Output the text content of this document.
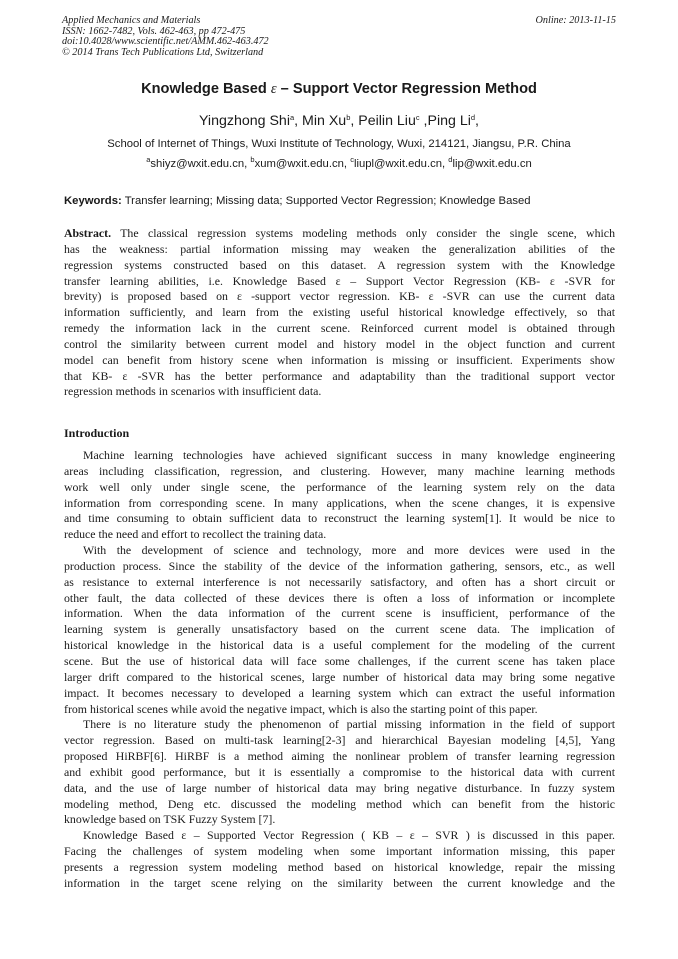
Applied Mechanics and Materials
ISSN: 1662-7482, Vols. 462-463, pp 472-475
doi:10.4028/www.scientific.net/AMM.462-463.472
© 2014 Trans Tech Publications Ltd, Switzerland
Online: 2013-11-15
Knowledge Based ε – Support Vector Regression Method
Yingzhong Shi$^a$, Min Xu$^b$, Peilin Liu$^c$ ,Ping Li$^d$,
School of Internet of Things, Wuxi Institute of Technology, Wuxi, 214121, Jiangsu, P.R. China
$^a$shiyz@wxit.edu.cn, $^b$xum@wxit.edu.cn, $^c$liupl@wxit.edu.cn, $^d$lip@wxit.edu.cn
Keywords: Transfer learning; Missing data; Supported Vector Regression; Knowledge Based
Abstract. The classical regression systems modeling methods only consider the single scene, which
has the weakness: partial information missing may weaken the generalization abilities of the
regression systems constructed based on this dataset. A regression system with the Knowledge
transfer learning abilities, i.e. Knowledge Based ε – Support Vector Regression (KB- ε -SVR for
brevity) is proposed based on ε -support vector regression. KB- ε -SVR can use the current data
information sufficiently, and learn from the existing useful historical knowledge effectively, so that
remedy the information lack in the current scene. Reinforced current model is obtained through
control the similarity between current model and history model in the object function and current
model can benefit from history scene when information is missing or insufficient. Experiments show
that KB- ε -SVR has the better performance and adaptability than the traditional support vector
regression methods in scenarios with insufficient data.
Introduction
Machine learning technologies have achieved significant success in many knowledge engineering
areas including classification, regression, and clustering. However, many machine learning methods
work well only under single scene, the performance of the learning system rely on the data
information from corresponding scene. In many applications, when the scene changes, it is expensive
and time consuming to obtain sufficient data to reconstruct the learning system[1]. It would be nice to
reduce the need and effort to recollect the training data.
With the development of science and technology, more and more devices were used in the
production process. Since the stability of the device of the information gathering, sensors, etc., as well
as resistance to external interference is not necessarily satisfactory, and often has a short circuit or
other fault, the data collected of these devices there is often a loss of information or incomplete
information. When the data information of the current scene is insufficient, performance of the
learning system is generally unsatisfactory based on the current scene data. The implication of
historical knowledge in the historical data is a useful complement for the modeling of the current
scene. But the use of historical data will face some challenges, if the current scene has taken place
larger drift compared to the historical scenes, large number of historical data may bring some negative
impact. It becomes necessary to developed a learning system which can extract the useful information
from historical scenes while avoid the negative impact, which is also the starting point of this paper.
There is no literature study the phenomenon of partial missing information in the field of support
vector regression. Based on multi-task learning[2-3] and hierarchical Bayesian modeling [4,5], Yang
proposed HiRBF[6]. HiRBF is a method aiming the nonlinear problem of transfer learning regression
and exhibit good performance, but it is essentially a compromise to the historical data with current
data, and the use of large number of historical data may bring negative disturbance. In fuzzy system
modeling method, Deng etc. discussed the modeling method which can benefit from the historic
knowledge based on TSK Fuzzy System [7].
Knowledge Based ε – Supported Vector Regression ( KB – ε – SVR ) is discussed in this paper.
Facing the challenges of system modeling when some important information missing, this paper
presents a regression system modeling method based on historical knowledge, repair the missing
information in the target scene relying on the similarity between the current knowledge and the
